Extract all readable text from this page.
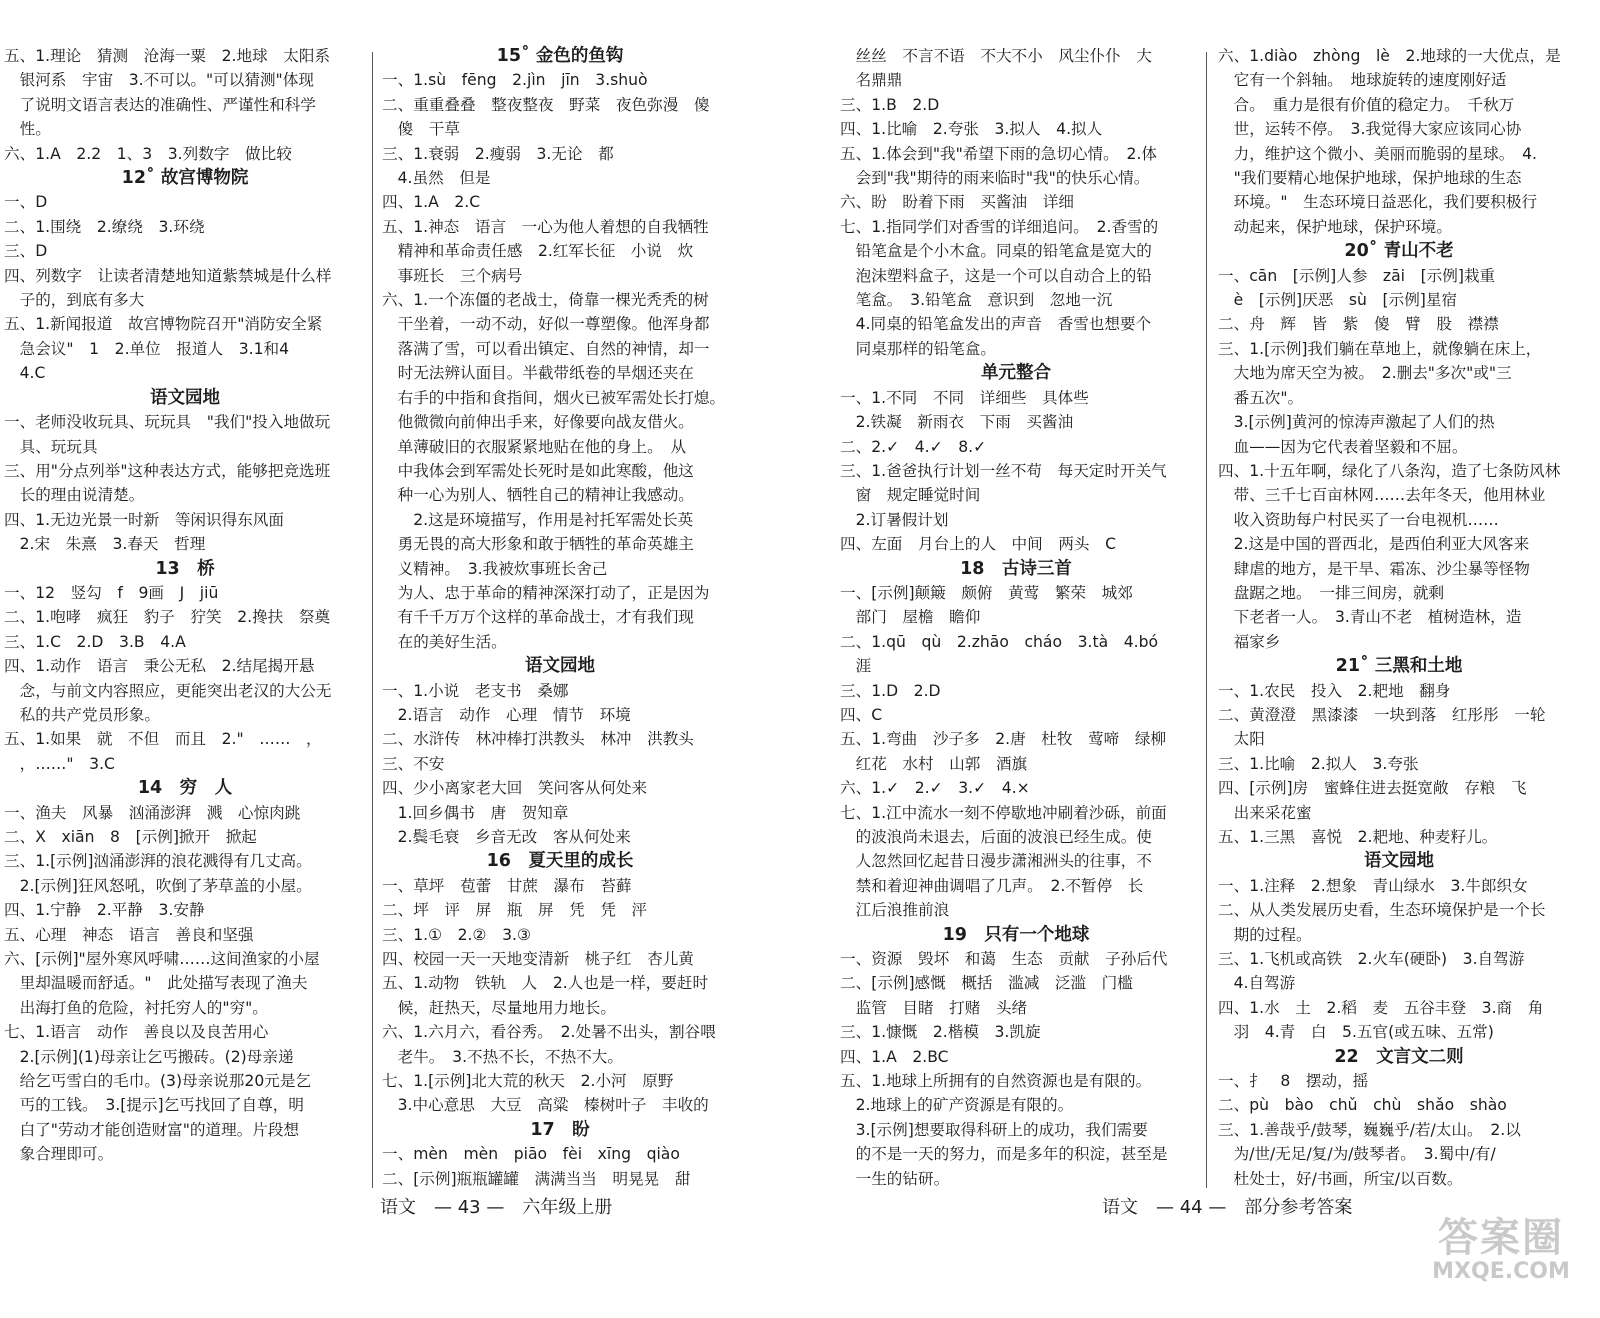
五、1.理论　猜测　沧海一粟　2.地球　太阳系
　银河系　宇宙　3.不可以。"可以猜测"体现
　了说明文语言表达的准确性、严谨性和科学
　性。
六、1.A　2.2　1、3　3.列数字　做比较
12˚ 故宫博物院
一、D
二、1.围绕　2.缭绕　3.环绕
三、D
四、列数字　让读者清楚地知道紫禁城是什么样
　子的，到底有多大
五、1.新闻报道　故宫博物院召开"消防安全紧
　急会议"　1　2.单位　报道人　3.1和4
　4.C
语文园地
一、老师没收玩具、玩玩具　"我们"投入地做玩
　具、玩玩具
三、用"分点列举"这种表达方式，能够把竞选班
　长的理由说清楚。
四、1.无边光景一时新　等闲识得东风面
　2.宋　朱熹　3.春天　哲理
13　桥
一、12　竖勾　f　9画　J　jiū
二、1.咆哮　疯狂　豹子　狞笑　2.搀扶　祭奠
三、1.C　2.D　3.B　4.A
四、1.动作　语言　秉公无私　2.结尾揭开悬
　念，与前文内容照应，更能突出老汉的大公无
　私的共产党员形象。
五、1.如果　就　不但　而且　2."　……　，
　，……"　3.C
14　穷　人
一、渔夫　风暴　汹涌澎湃　溅　心惊肉跳
二、X　xiān　8　[示例]掀开　掀起
三、1.[示例]汹涌澎湃的浪花溅得有几丈高。
　2.[示例]狂风怒吼，吹倒了茅草盖的小屋。
四、1.宁静　2.平静　3.安静
五、心理　神态　语言　善良和坚强
六、[示例]"屋外寒风呼啸……这间渔家的小屋
　里却温暖而舒适。"　此处描写表现了渔夫
　出海打鱼的危险，衬托穷人的"穷"。
七、1.语言　动作　善良以及良苦用心
　2.[示例](1)母亲让乞丐搬砖。(2)母亲递
　给乞丐雪白的毛巾。(3)母亲说那20元是乞
　丐的工钱。　3.[提示]乞丐找回了自尊，明
　白了"劳动才能创造财富"的道理。片段想
　象合理即可。
15˚ 金色的鱼钩
一、1.sù　fēng　2.jìn　jīn　3.shuò
二、重重叠叠　整夜整夜　野菜　夜色弥漫　傻
　傻　干草
三、1.衰弱　2.瘦弱　3.无论　都
　4.虽然　但是
四、1.A　2.C
五、1.神态　语言　一心为他人着想的自我牺牲
　精神和革命责任感　2.红军长征　小说　炊
　事班长　三个病号
六、1.一个冻僵的老战士，倚靠一棵光秃秃的树
　干坐着，一动不动，好似一尊塑像。他浑身都
　落满了雪，可以看出镇定、自然的神情，却一
　时无法辨认面目。半截带纸卷的旱烟还夹在
　右手的中指和食指间，烟火已被军需处长打熄。
　他微微向前伸出手来，好像要向战友借火。
　单薄破旧的衣服紧紧地贴在他的身上。　从
　中我体会到军需处长死时是如此寒酸，他这
　种一心为别人、牺牲自己的精神让我感动。
　　2.这是环境描写，作用是衬托军需处长英
　勇无畏的高大形象和敢于牺牲的革命英雄主
　义精神。　3.我被炊事班长舍己
　为人、忠于革命的精神深深打动了，正是因为
　有千千万万个这样的革命战士，才有我们现
　在的美好生活。
语文园地
一、1.小说　老支书　桑娜
　2.语言　动作　心理　情节　环境
二、水浒传　林冲棒打洪教头　林冲　洪教头
三、不安
四、少小离家老大回　笑问客从何处来
　1.回乡偶书　唐　贺知章
　2.鬓毛衰　乡音无改　客从何处来
16　夏天里的成长
一、草坪　苞蕾　甘蔗　瀑布　苔藓
二、坪　评　屏　瓶　屏　凭　凭　泙
三、1.①　2.②　3.③
四、校园一天一天地变清新　桃子红　杏儿黄
五、1.动物　铁轨　人　2.人也是一样，要赶时
　候，赶热天，尽量地用力地长。
六、1.六月六，看谷秀。　2.处暑不出头，割谷喂
　老牛。　3.不热不长，不热不大。
七、1.[示例]北大荒的秋天　2.小河　原野
　3.中心意思　大豆　高粱　榛树叶子　丰收的
17　盼
一、mèn　mèn　piāo　fèi　xīng　qiào
二、[示例]瓶瓶罐罐　满满当当　明晃晃　甜
　丝丝　不言不语　不大不小　风尘仆仆　大
　名鼎鼎
三、1.B　2.D
四、1.比喻　2.夸张　3.拟人　4.拟人
五、1.体会到"我"希望下雨的急切心情。　2.体
　会到"我"期待的雨来临时"我"的快乐心情。
六、盼　盼着下雨　买酱油　详细
七、1.指同学们对香雪的详细追问。　2.香雪的
　铅笔盒是个小木盒。同桌的铅笔盒是宽大的
　泡沫塑料盒子，这是一个可以自动合上的铅
　笔盒。　3.铅笔盒　意识到　忽地一沉
　4.同桌的铅笔盒发出的声音　香雪也想要个
　同桌那样的铅笔盒。
单元整合
一、1.不同　不同　详细些　具体些
　2.铁凝　新雨衣　下雨　买酱油
二、2.✓　4.✓　8.✓
三、1.爸爸执行计划一丝不苟　每天定时开关气
　窗　规定睡觉时间
　2.订暑假计划
四、左面　月台上的人　中间　两头　C
18　古诗三首
一、[示例]颠簸　颇俯　黄莺　繁荣　城郊
　部门　屋檐　瞻仰
二、1.qū　qù　2.zhāo　cháo　3.tà　4.bó
　涯
三、1.D　2.D
四、C
五、1.弯曲　沙子多　2.唐　杜牧　莺啼　绿柳
　红花　水村　山郭　酒旗
六、1.✓　2.✓　3.✓　4.×
七、1.江中流水一刻不停歇地冲刷着沙砾，前面
　的波浪尚未退去，后面的波浪已经生成。使
　人忽然回忆起昔日漫步潇湘洲头的往事，不
　禁和着迎神曲调唱了几声。　2.不暂停　长
　江后浪推前浪
19　只有一个地球
一、资源　毁坏　和蔼　生态　贡献　子孙后代
二、[示例]感慨　概括　滥减　泛滥　门槛
　监管　目睹　打赌　头绪
三、1.慷慨　2.楷模　3.凯旋
四、1.A　2.BC
五、1.地球上所拥有的自然资源也是有限的。
　2.地球上的矿产资源是有限的。
　3.[示例]想要取得科研上的成功，我们需要
　的不是一天的努力，而是多年的积淀，甚至是
　一生的钻研。
六、1.diào　zhòng　lè　2.地球的一大优点，是
　它有一个斜轴。　地球旋转的速度刚好适
　合。　重力是很有价值的稳定力。　千秋万
　世，运转不停。　3.我觉得大家应该同心协
　力，维护这个微小、美丽而脆弱的星球。　4.
　"我们要精心地保护地球，保护地球的生态
　环境。"　生态环境日益恶化，我们要积极行
　动起来，保护地球，保护环境。
20˚ 青山不老
一、cān　[示例]人参　zāi　[示例]栽重
　è　[示例]厌恶　sù　[示例]星宿
二、舟　辉　皆　紫　傻　臂　股　襟襟
三、1.[示例]我们躺在草地上，就像躺在床上，
　大地为席天空为被。　2.删去"多次"或"三
　番五次"。
　3.[示例]黄河的惊涛声激起了人们的热
　血——因为它代表着坚毅和不屈。
四、1.十五年啊，绿化了八条沟，造了七条防风林
　带、三千七百亩林网……去年冬天，他用林业
　收入资助每户村民买了一台电视机……
　2.这是中国的晋西北，是西伯利亚大风客来
　肆虐的地方，是干旱、霜冻、沙尘暴等怪物
　盘踞之地。　一排三间房，就剩
　下老者一人。　3.青山不老　植树造林，造
　福家乡
21˚ 三黑和土地
一、1.农民　投入　2.耙地　翻身
二、黄澄澄　黑漆漆　一块到落　红彤彤　一轮
　太阳
三、1.比喻　2.拟人　3.夸张
四、[示例]房　蜜蜂住进去挺宽敞　存粮　飞
　出来采花蜜
五、1.三黑　喜悦　2.耙地、种麦籽儿。
语文园地
一、1.注释　2.想象　青山绿水　3.牛郎织女
二、从人类发展历史看，生态环境保护是一个长
　期的过程。
三、1.飞机或高铁　2.火车(硬卧)　3.自驾游
　4.自驾游
四、1.水　土　2.稻　麦　五谷丰登　3.商　角
　羽　4.青　白　5.五官(或五味、五常)
22　文言文二则
一、扌　8　摆动，摇
二、pù　bào　chǔ　chù　shǎo　shào
三、1.善哉乎/鼓琴，巍巍乎/若/太山。　2.以
　为/世/无足/复/为/鼓琴者。　3.蜀中/有/
　杜处士，好/书画，所宝/以百数。
语文　— 43 —　六年级上册	语文　— 44 —　部分参考答案
答案圈
MXQE.COM
